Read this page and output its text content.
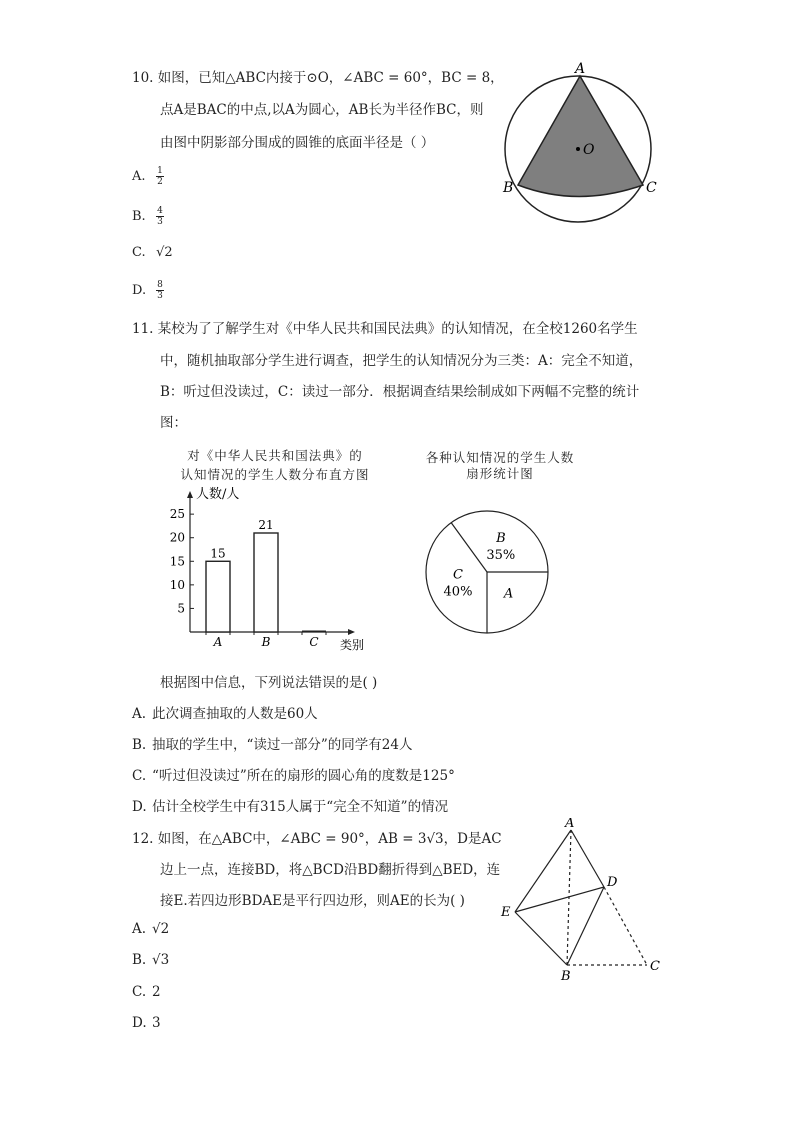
10. 如图，已知△ABC内接于⊙O，∠ABC = 60°，BC = 8，
点A是BAC的中点,以A为圆心，AB长为半径作BC，则
由图中阴影部分围成的圆锥的底面半径是（ ）
A. $\frac{1}{2}$
B. $\frac{4}{3}$
C. √2
D. $\frac{8}{3}$
A
B	C
O
11. 某校为了了解学生对《中华人民共和国民法典》的认知情况，在全校1260名学生
中，随机抽取部分学生进行调查，把学生的认知情况分为三类：A：完全不知道，
B：听过但没读过，C：读过一部分．根据调查结果绘制成如下两幅不完整的统计
图：
对《中华人民共和国法典》的
认知情况的学生人数分布直方图
人数/人
类别
5
10
15
20
25
15
A
21
B	C
各种认知情况的学生人数
扇形统计图
B
35%
C
40% A
根据图中信息，下列说法错误的是( )
A. 此次调查抽取的人数是60人
B. 抽取的学生中，“读过一部分”的同学有24人
C. “听过但没读过”所在的扇形的圆心角的度数是125°
D. 估计全校学生中有315人属于“完全不知道”的情况
12. 如图，在△ABC中，∠ABC = 90°，AB = 3√3，D是AC
边上一点，连接BD，将△BCD沿BD翻折得到△BED，连
接E.若四边形BDAE是平行四边形，则AE的长为( )
A. √2
B. √3
C. 2
D. 3
A
D
E
B
C
